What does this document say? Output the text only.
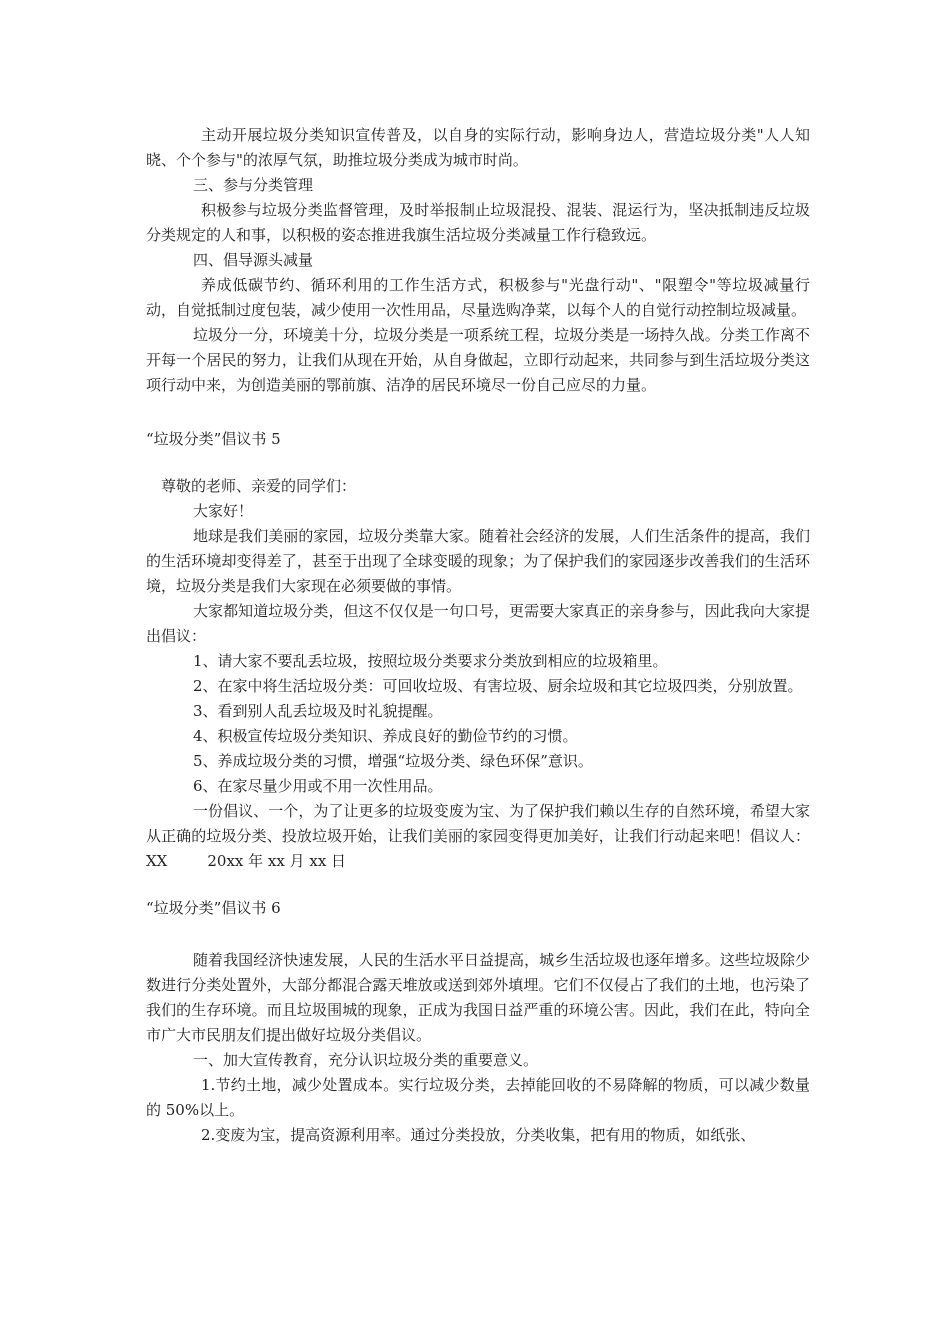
主动开展垃圾分类知识宣传普及，以自身的实际行动，影响身边人，营造垃圾分类"人人知晓、个个参与"的浓厚气氛，助推垃圾分类成为城市时尚。

三、参与分类管理

积极参与垃圾分类监督管理，及时举报制止垃圾混投、混装、混运行为，坚决抵制违反垃圾分类规定的人和事，以积极的姿态推进我旗生活垃圾分类减量工作行稳致远。

四、倡导源头减量

养成低碳节约、循环利用的工作生活方式，积极参与"光盘行动"、"限塑令"等垃圾减量行动，自觉抵制过度包装，减少使用一次性用品，尽量选购净菜，以每个人的自觉行动控制垃圾减量。

垃圾分一分，环境美十分，垃圾分类是一项系统工程，垃圾分类是一场持久战。分类工作离不开每一个居民的努力，让我们从现在开始，从自身做起，立即行动起来，共同参与到生活垃圾分类这项行动中来，为创造美丽的鄂前旗、洁净的居民环境尽一份自己应尽的力量。

“垃圾分类”倡议书 5

尊敬的老师、亲爱的同学们：

大家好！

地球是我们美丽的家园，垃圾分类靠大家。随着社会经济的发展，人们生活条件的提高，我们的生活环境却变得差了，甚至于出现了全球变暖的现象；为了保护我们的家园逐步改善我们的生活环境，垃圾分类是我们大家现在必须要做的事情。

大家都知道垃圾分类，但这不仅仅是一句口号，更需要大家真正的亲身参与，因此我向大家提出倡议：

1、请大家不要乱丢垃圾，按照垃圾分类要求分类放到相应的垃圾箱里。

2、在家中将生活垃圾分类：可回收垃圾、有害垃圾、厨余垃圾和其它垃圾四类，分别放置。

3、看到别人乱丢垃圾及时礼貌提醒。

4、积极宣传垃圾分类知识、养成良好的勤俭节约的习惯。

5、养成垃圾分类的习惯，增强“垃圾分类、绿色环保”意识。

6、在家尽量少用或不用一次性用品。

一份倡议、一个，为了让更多的垃圾变废为宝、为了保护我们赖以生存的自然环境，希望大家从正确的垃圾分类、投放垃圾开始，让我们美丽的家园变得更加美好，让我们行动起来吧！倡议人：XX	20xx 年 xx 月 xx 日

“垃圾分类”倡议书 6

随着我国经济快速发展，人民的生活水平日益提高，城乡生活垃圾也逐年增多。这些垃圾除少数进行分类处置外，大部分都混合露天堆放或送到郊外填埋。它们不仅侵占了我们的土地，也污染了我们的生存环境。而且垃圾围城的现象，正成为我国日益严重的环境公害。因此，我们在此，特向全市广大市民朋友们提出做好垃圾分类倡议。

一、加大宣传教育，充分认识垃圾分类的重要意义。

1.节约土地，减少处置成本。实行垃圾分类，去掉能回收的不易降解的物质，可以减少数量的 50%以上。

2.变废为宝，提高资源利用率。通过分类投放，分类收集，把有用的物质，如纸张、
